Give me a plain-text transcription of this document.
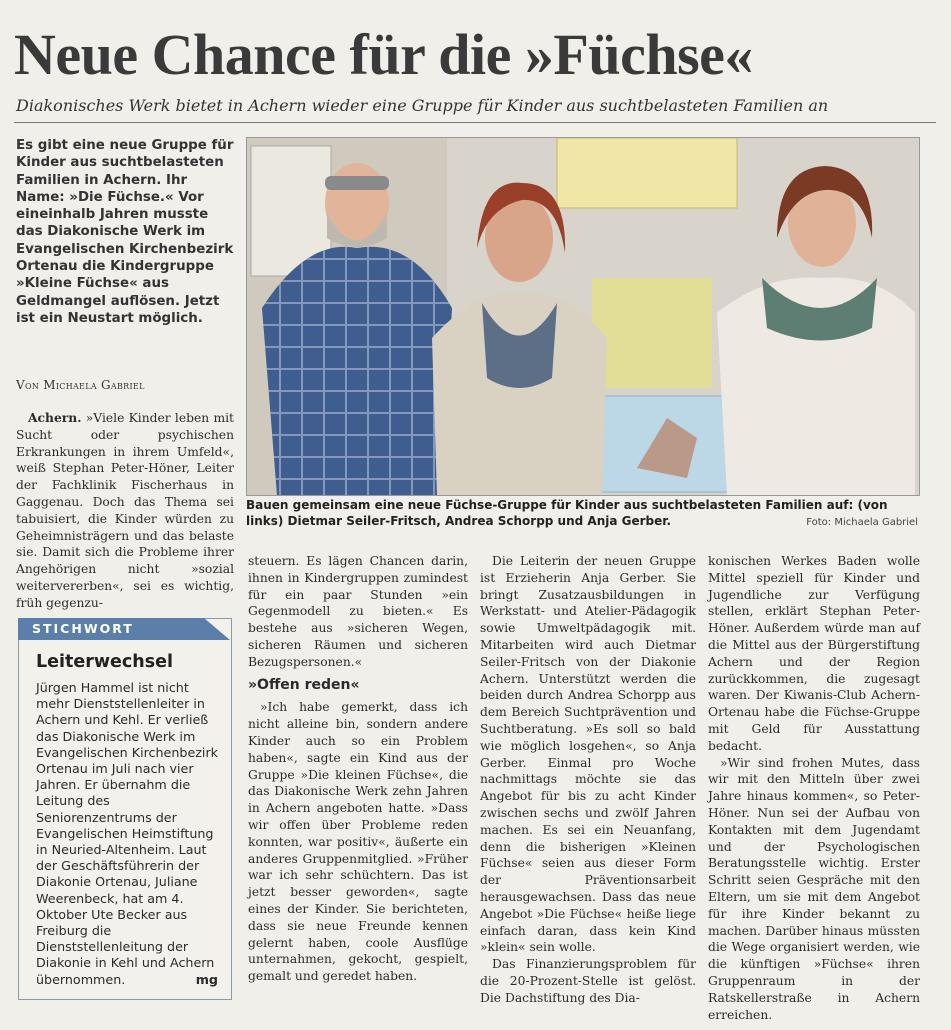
Neue Chance für die »Füchse«
Diakonisches Werk bietet in Achern wieder eine Gruppe für Kinder aus suchtbelasteten Familien an
Es gibt eine neue Gruppe für Kinder aus suchtbelasteten Familien in Achern. Ihr Name: »Die Füchse.« Vor eineinhalb Jahren musste das Diakonische Werk im Evangelischen Kirchenbezirk Ortenau die Kindergruppe »Kleine Füchse« aus Geldmangel auflösen. Jetzt ist ein Neustart möglich.
Von Michaela Gabriel
Bauen gemeinsam eine neue Füchse-Gruppe für Kinder aus suchtbelasteten Familien auf: (von links) Dietmar Seiler-Fritsch, Andrea Schorpp und Anja Gerber.	Foto: Michaela Gabriel

Achern. »Viele Kinder leben mit Sucht oder psychischen Erkrankungen in ihrem Umfeld«, weiß Stephan Peter-Höner, Leiter der Fachklinik Fischerhaus in Gaggenau. Doch das Thema sei tabuisiert, die Kinder würden zu Geheimnisträgern und das belaste sie. Damit sich die Probleme ihrer Angehörigen nicht »sozial weitervererben«, sei es wichtig, früh gegenzu-

STICHWORT
Leiterwechsel
Jürgen Hammel ist nicht mehr Dienststellenleiter in Achern und Kehl. Er verließ das Diakonische Werk im Evangelischen Kirchenbezirk Ortenau im Juli nach vier Jahren. Er übernahm die Leitung des Seniorenzentrums der Evangelischen Heimstiftung in Neuried-Altenheim. Laut der Geschäftsführerin der Diakonie Ortenau, Juliane Weerenbeck, hat am 4. Oktober Ute Becker aus Freiburg die Dienststellenleitung der Diakonie in Kehl und Achern übernommen.	mg

steuern. Es lägen Chancen darin, ihnen in Kindergruppen zumindest für ein paar Stunden »ein Gegenmodell zu bieten.« Es bestehe aus »sicheren Wegen, sicheren Räumen und sicheren Bezugspersonen.«

»Offen reden«

»Ich habe gemerkt, dass ich nicht alleine bin, sondern andere Kinder auch so ein Problem haben«, sagte ein Kind aus der Gruppe »Die kleinen Füchse«, die das Diakonische Werk zehn Jahren in Achern angeboten hatte. »Dass wir offen über Probleme reden konnten, war positiv«, äußerte ein anderes Gruppenmitglied. »Früher war ich sehr schüchtern. Das ist jetzt besser geworden«, sagte eines der Kinder. Sie berichteten, dass sie neue Freunde kennen gelernt haben, coole Ausflüge unternahmen, gekocht, gespielt, gemalt und geredet haben.

Die Leiterin der neuen Gruppe ist Erzieherin Anja Gerber. Sie bringt Zusatzausbildungen in Werkstatt- und Atelier-Pädagogik sowie Umweltpädagogik mit. Mitarbeiten wird auch Dietmar Seiler-Fritsch von der Diakonie Achern. Unterstützt werden die beiden durch Andrea Schorpp aus dem Bereich Suchtprävention und Suchtberatung. »Es soll so bald wie möglich losgehen«, so Anja Gerber. Einmal pro Woche nachmittags möchte sie das Angebot für bis zu acht Kinder zwischen sechs und zwölf Jahren machen. Es sei ein Neuanfang, denn die bisherigen »Kleinen Füchse« seien aus dieser Form der Präventionsarbeit herausgewachsen. Dass das neue Angebot »Die Füchse« heiße liege einfach daran, dass kein Kind »klein« sein wolle.

Das Finanzierungsproblem für die 20-Prozent-Stelle ist gelöst. Die Dachstiftung des Dia-

konischen Werkes Baden wolle Mittel speziell für Kinder und Jugendliche zur Verfügung stellen, erklärt Stephan Peter-Höner. Außerdem würde man auf die Mittel aus der Bürgerstiftung Achern und der Region zurückkommen, die zugesagt waren. Der Kiwanis-Club Achern-Ortenau habe die Füchse-Gruppe mit Geld für Ausstattung bedacht.

»Wir sind frohen Mutes, dass wir mit den Mitteln über zwei Jahre hinaus kommen«, so Peter-Höner. Nun sei der Aufbau von Kontakten mit dem Jugendamt und der Psychologischen Beratungsstelle wichtig. Erster Schritt seien Gespräche mit den Eltern, um sie mit dem Angebot für ihre Kinder bekannt zu machen. Darüber hinaus müssten die Wege organisiert werden, wie die künftigen »Füchse« ihren Gruppenraum in der Ratskellerstraße in Achern erreichen.
